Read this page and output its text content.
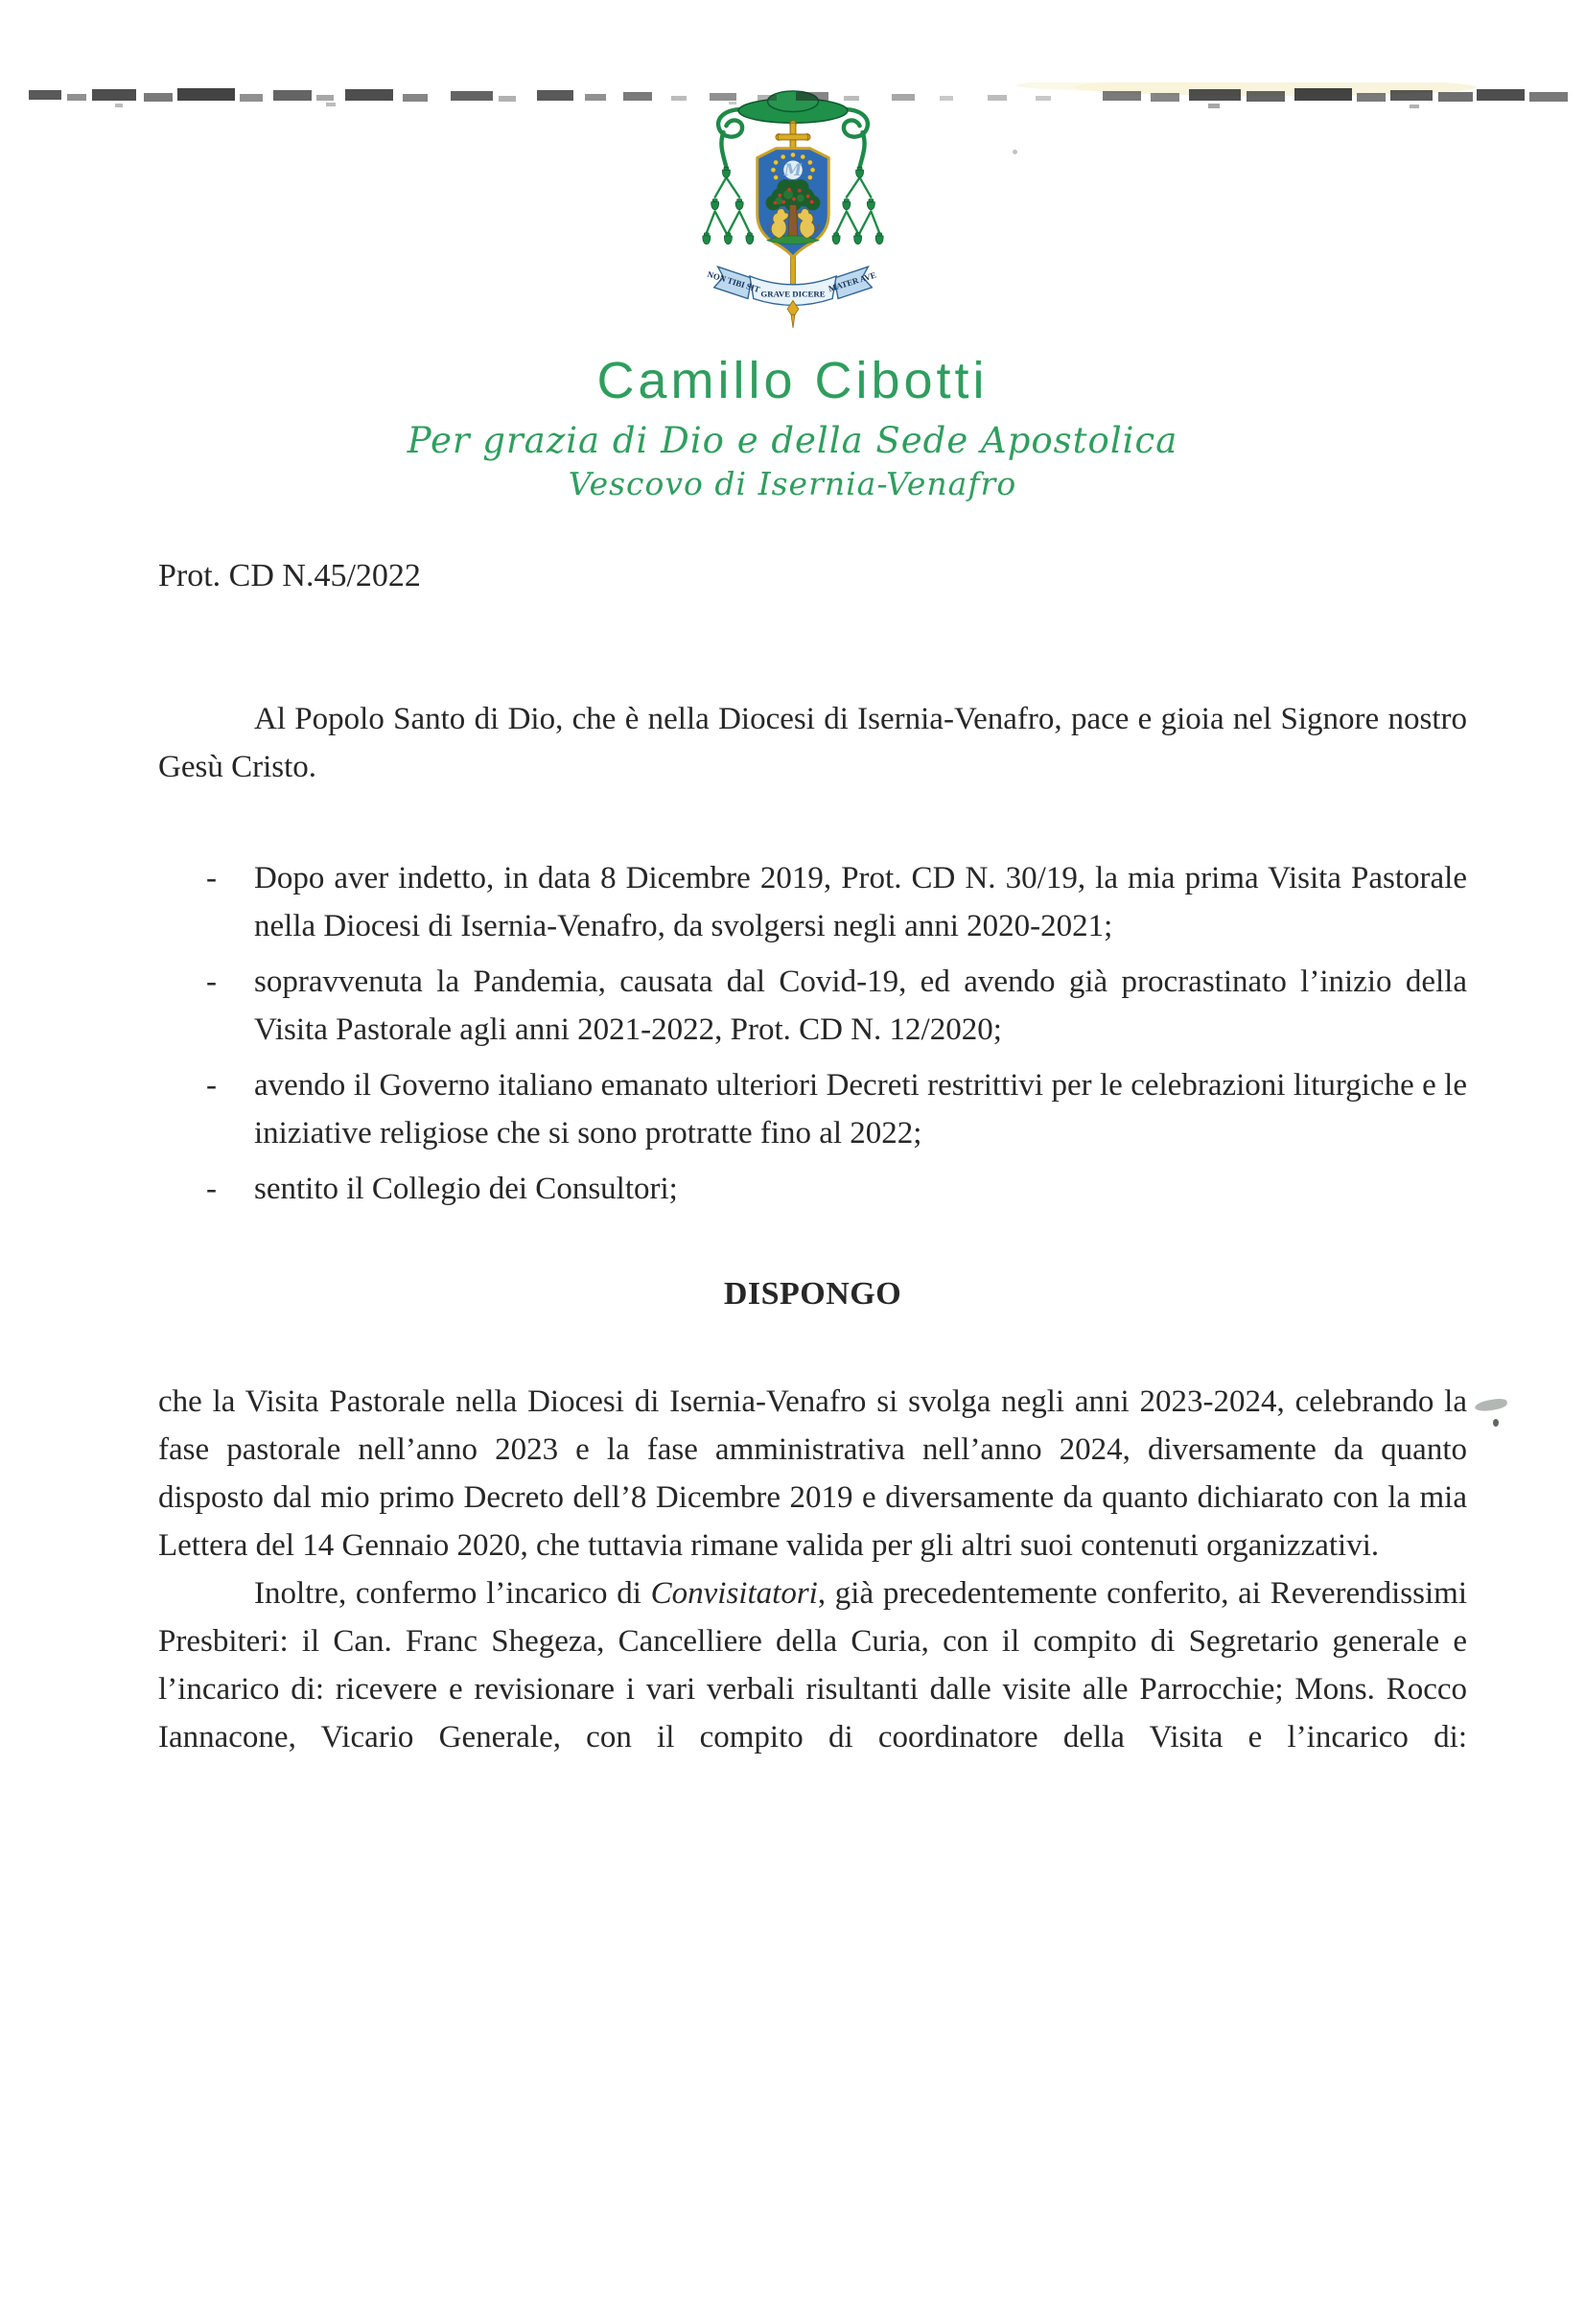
M
NON TIBI SIT GRAVE DICERE
MATER AVE
Camillo Cibotti
Per grazia di Dio e della Sede Apostolica
Vescovo di Isernia-Venafro
Prot. CD N.45/2022

Al Popolo Santo di Dio, che è nella Diocesi di Isernia-Venafro, pace e gioia nel Signore nostro Gesù Cristo.

- Dopo aver indetto, in data 8 Dicembre 2019, Prot. CD N. 30/19, la mia prima Visita Pastorale nella Diocesi di Isernia-Venafro, da svolgersi negli anni 2020-2021;

- sopravvenuta la Pandemia, causata dal Covid-19, ed avendo già procrastinato l’inizio della Visita Pastorale agli anni 2021-2022, Prot. CD N. 12/2020;

- avendo il Governo italiano emanato ulteriori Decreti restrittivi per le celebrazioni liturgiche e le iniziative religiose che si sono protratte fino al 2022;

- sentito il Collegio dei Consultori;

DISPONGO

che la Visita Pastorale nella Diocesi di Isernia-Venafro si svolga negli anni 2023-2024, celebrando la fase pastorale nell’anno 2023 e la fase amministrativa nell’anno 2024, diversamente da quanto disposto dal mio primo Decreto dell’8 Dicembre 2019 e diversamente da quanto dichiarato con la mia Lettera del 14 Gennaio 2020, che tuttavia rimane valida per gli altri suoi contenuti organizzativi.

Inoltre, confermo l’incarico di Convisitatori, già precedentemente conferito, ai Reverendissimi Presbiteri: il Can. Franc Shegeza, Cancelliere della Curia, con il compito di Segretario generale e l’incarico di: ricevere e revisionare i vari verbali risultanti dalle visite alle Parrocchie; Mons. Rocco Iannacone, Vicario Generale, con il compito di coordinatore della Visita e l’incarico di:
